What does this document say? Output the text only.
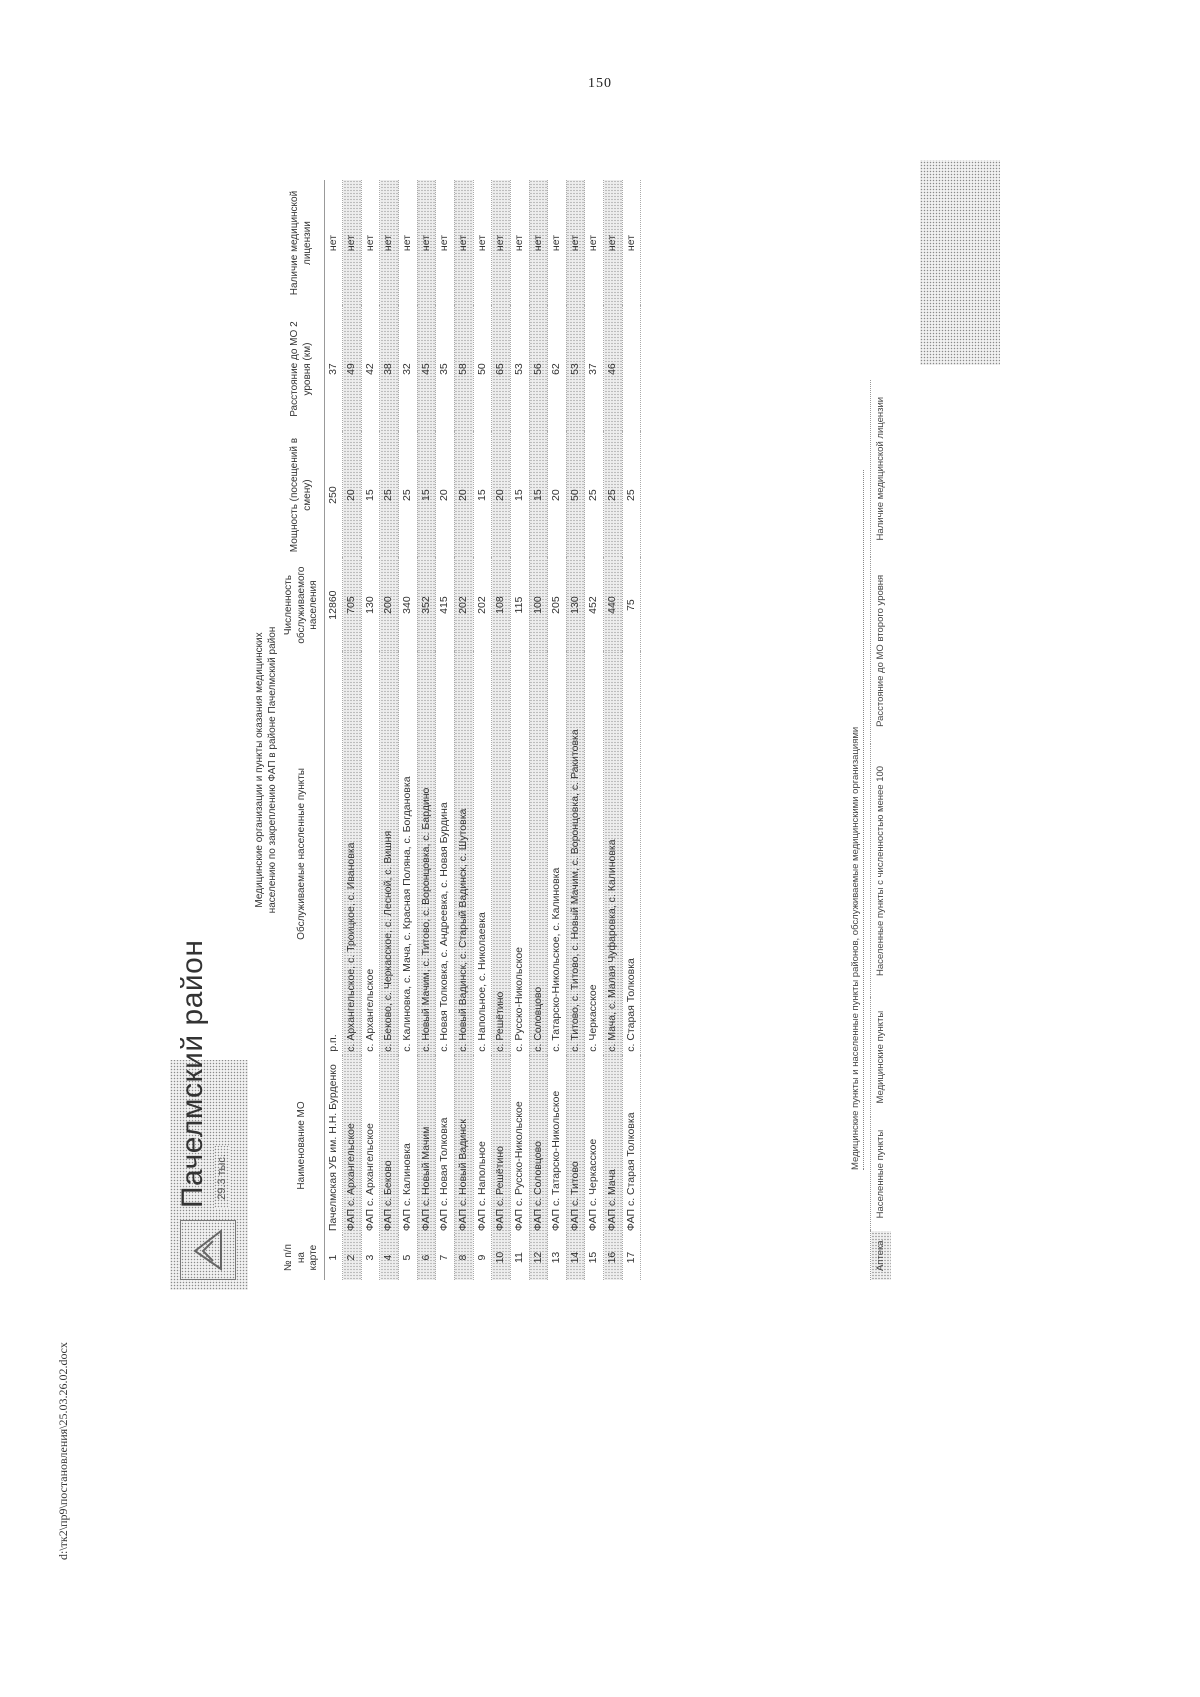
150
d:\тк2\пр9\постановления\25.03.26.02.docx
Пачелмский район 29.3 тыс.
Медицинские организации и пункты оказания медицинских населению по закреплению ФАП в районе Пачелмский район
№ п/п на карте	Наименование МО	Обслуживаемые населенные пункты	Численность обслуживаемого населения	Мощность (посещений в смену)	Расстояние до МО 2 уровня (км)	Наличие медицинской лицензии
1	Пачелмская УБ им. Н.Н. Бурденко	р.п.	12860	250	37	нет
2	ФАП с. Архангельское	с. Архангельское, с. Троицкое, с. Ивановка	705	20	49	нет
3	ФАП с. Архангельское	с. Архангельское	130	15	42	нет
4	ФАП с. Беково	с. Беково, с. Черкасское, с. Лесной, с. Вишня	200	25	38	нет
5	ФАП с. Калиновка	с. Калиновка, с. Мача, с. Красная Поляна, с. Богдановка	340	25	32	нет
6	ФАП с. Новый Мачим	с. Новый Мачим, с. Титово, с. Воронцовка, с. Бардино	352	15	45	нет
7	ФАП с. Новая Толковка	с. Новая Толковка, с. Андреевка, с. Новая Бурдина	415	20	35	нет
8	ФАП с. Новый Вадинск	с. Новый Вадинск, с. Старый Вадинск, с. Шутовка	202	20	58	нет
9	ФАП с. Напольное	с. Напольное, с. Николаевка	202	15	50	нет
10	ФАП с. Решётино	с. Решётино	108	20	65	нет
11	ФАП с. Русско-Никольское	с. Русско-Никольское	115	15	53	нет
12	ФАП с. Соловцово	с. Соловцово	100	15	56	нет
13	ФАП с. Татарско-Никольское	с. Татарско-Никольское, с. Калиновка	205	20	62	нет
14	ФАП с. Титово	с. Титово, с. Титово, с. Новый Мачим, с. Воронцовка, с. Ракитовка	130	50	53	нет
15	ФАП с. Черкасское	с. Черкасское	452	25	37	нет
16	ФАП с. Мача	с. Мача, с. Малая Чуфаровка, с. Калиновка	440	25	46	нет
17	ФАП с. Старая Толковка	с. Старая Толковка	75	25		нет
Медицинские пункты и населенные пункты районов, обслуживаемые медицинскими организациями
Аптека	Населенные пункты	Медицинские пункты	Населенные пункты с численностью менее 100	Расстояние до МО второго уровня	Наличие медицинской лицензии
